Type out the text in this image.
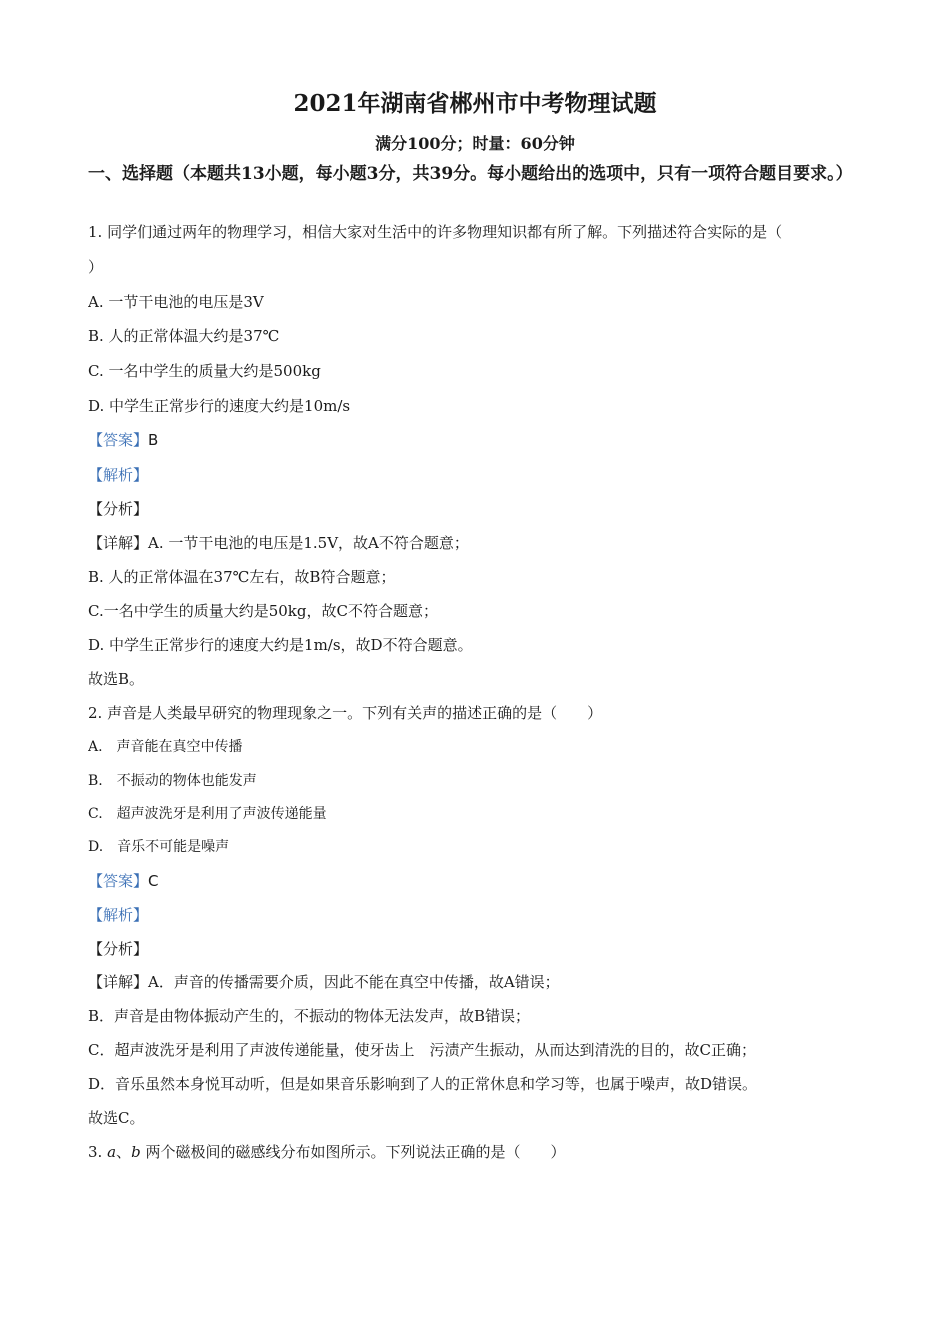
2021年湖南省郴州市中考物理试题
满分100分；时量：60分钟
一、选择题（本题共13小题，每小题3分，共39分。每小题给出的选项中，只有一项符合题目要求。）
1. 同学们通过两年的物理学习，相信大家对生活中的许多物理知识都有所了解。下列描述符合实际的是（
）
A. 一节干电池的电压是3V
B. 人的正常体温大约是37℃
C. 一名中学生的质量大约是500kg
D. 中学生正常步行的速度大约是10m/s
【答案】B
【解析】
【分析】
【详解】A. 一节干电池的电压是1.5V，故A不符合题意；
B. 人的正常体温在37℃左右，故B符合题意；
C.一名中学生的质量大约是50kg，故C不符合题意；
D. 中学生正常步行的速度大约是1m/s，故D不符合题意。
故选B。
2. 声音是人类最早研究的物理现象之一。下列有关声的描述正确的是（　　）
A.　声音能在真空中传播
B.　不振动的物体也能发声
C.　超声波洗牙是利用了声波传递能量
D.　音乐不可能是噪声
【答案】C
【解析】
【分析】
【详解】A．声音的传播需要介质，因此不能在真空中传播，故A错误；
B．声音是由物体振动产生的，不振动的物体无法发声，故B错误；
C．超声波洗牙是利用了声波传递能量，使牙齿上　污渍产生振动，从而达到清洗的目的，故C正确；
D．音乐虽然本身悦耳动听，但是如果音乐影响到了人的正常休息和学习等，也属于噪声，故D错误。
故选C。
3. a、b 两个磁极间的磁感线分布如图所示。下列说法正确的是（　　）
